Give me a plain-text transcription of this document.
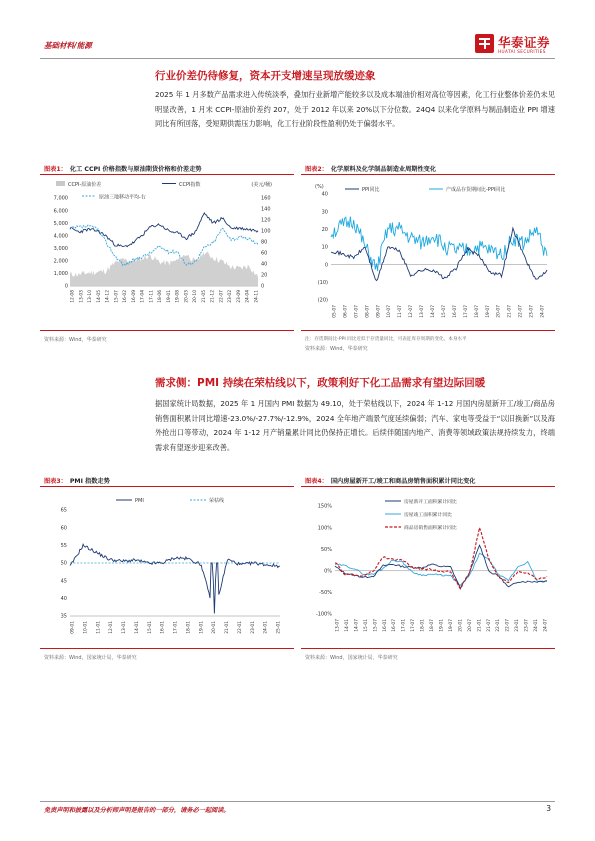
基础材料/能源	华泰证券
HUATAI SECURITIES
行业价差仍待修复，资本开支增速呈现放缓迹象
2025 年 1 月多数产品需求进入传统淡季，叠加行业新增产能较多以及成本端油价相对高位等因素，化工行业整体价差仍未见明显改善，1 月末 CCPI-原油价差约 207，处于 2012 年以来 20%以下分位数。24Q4 以来化学原料与制品制造业 PPI 增速同比有所回落，受短期供需压力影响，化工行业阶段性盈利仍处于偏弱水平。
图表1： 化工 CCPI 价格指数与原油期货价格和价差走势
CCPI-原油价差	CCPI指数	(美元/桶)
原油三地移动平均-右
0
1,000
2,000
3,000
4,000
5,000
6,000
7,000
0
20
40
60
80
100
120
140
160
12-08 13-03 13-10 14-05 14-12 15-07 16-02 16-09 17-04 17-11 18-06 19-01 19-08 20-03 20-10 21-05 21-12 22-07 23-02 23-09 24-04 24-11
资料来源：Wind，华泰研究
图表2： 化学原料及化学制品制造业周期性变化
(%)	PPI同比	产成品存货期间比-PPI同比
(20)
(10)
0
10
20
30
40
05-07 06-07 07-07 08-07 09-07 10-07 11-07 12-07 13-07 14-07 15-07 16-07 17-07 18-07 19-07 20-07 21-07 22-07 23-07 24-07
注：存货期间比-PPI 同比近似于存货量同比，可表征库存周期的变化。本身水平
资料来源：Wind，华泰研究
需求侧：PMI 持续在荣枯线以下，政策利好下化工品需求有望边际回暖
据国家统计局数据，2025 年 1 月国内 PMI 数据为 49.10，处于荣枯线以下，2024 年 1-12 月国内房屋新开工/竣工/商品房销售面积累计同比增速-23.0%/-27.7%/-12.9%，2024 全年地产端景气度延续偏弱；汽车、家电等受益于“以旧换新”以及海外抢出口等带动，2024 年 1-12 月产销量累计同比仍保持正增长。后续伴随国内地产、消费等领域政策法规持续发力，终端需求有望逐步迎来改善。
图表3： PMI 指数走势
PMI	荣枯线
35
40
45
50
55
60
65
09-01 10-01 11-01 12-01 13-01 14-01 15-01 16-01 17-01 18-01 19-01 20-01 21-01 22-01 23-01 24-01 25-01
资料来源：Wind，国家统计局，华泰研究
图表4： 国内房屋新开工/竣工和商品房销售面积累计同比变化
房屋新开工面积累计同比
房屋竣工面积累计同比
商品房销售面积累计同比
-100%
-50%
0%
50%
100%
150%
13-07 14-01 14-07 15-01 15-07 16-01 16-07 17-01 17-07 18-01 18-07 19-01 19-07 20-01 20-07 21-01 21-07 22-01 22-07 23-01 23-07 24-01 24-07
资料来源：Wind，国家统计局，华泰研究
免责声明和披露以及分析师声明是报告的一部分，请务必一起阅读。	3
